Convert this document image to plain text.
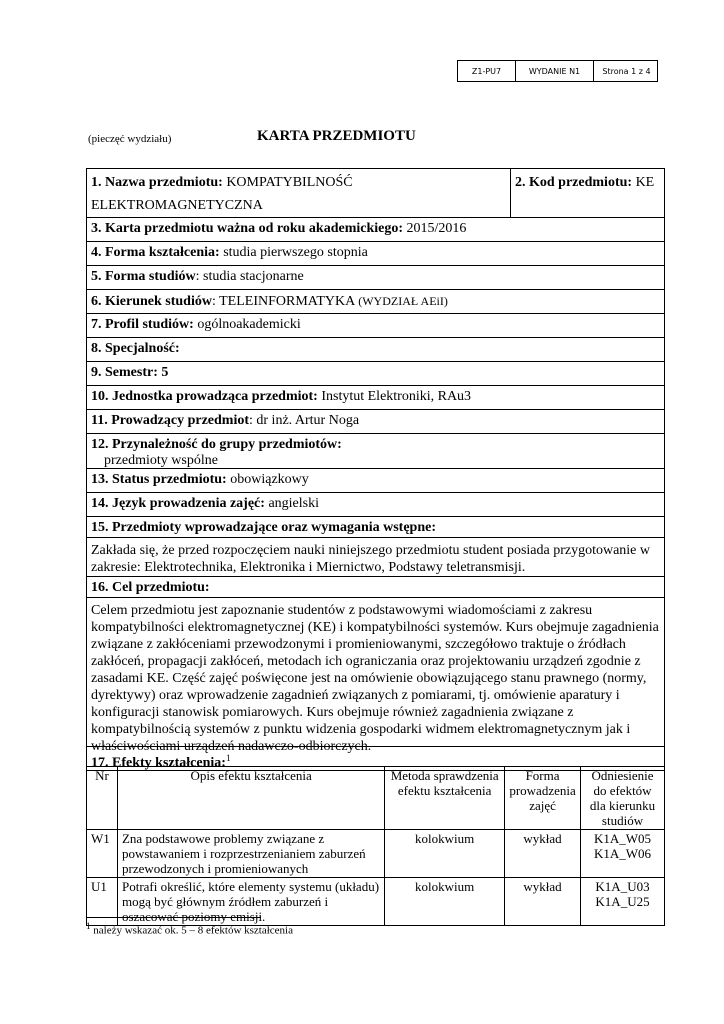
Z1-PU7	WYDANIE N1	Strona 1 z 4
(pieczęć wydziału)	KARTA PRZEDMIOTU
1. Nazwa przedmiotu: KOMPATYBILNOŚĆ
ELEKTROMAGNETYCZNA
2. Kod przedmiotu: KE
3. Karta przedmiotu ważna od roku akademickiego: 2015/2016
4. Forma kształcenia: studia pierwszego stopnia
5. Forma studiów: studia stacjonarne
6. Kierunek studiów: TELEINFORMATYKA (WYDZIAŁ AEiI)
7. Profil studiów: ogólnoakademicki
8. Specjalność:
9. Semestr: 5
10. Jednostka prowadząca przedmiot: Instytut Elektroniki, RAu3
11. Prowadzący przedmiot: dr inż. Artur Noga
12. Przynależność do grupy przedmiotów:
przedmioty wspólne
13. Status przedmiotu: obowiązkowy
14. Język prowadzenia zajęć: angielski
15. Przedmioty wprowadzające oraz wymagania wstępne:
Zakłada się, że przed rozpoczęciem nauki niniejszego przedmiotu student posiada przygotowanie w zakresie: Elektrotechnika, Elektronika i Miernictwo, Podstawy teletransmisji.
16. Cel przedmiotu:
Celem przedmiotu jest zapoznanie studentów z podstawowymi wiadomościami z zakresu kompatybilności elektromagnetycznej (KE) i kompatybilności systemów. Kurs obejmuje zagadnienia związane z zakłóceniami przewodzonymi i promieniowanymi, szczegółowo traktuje o źródłach zakłóceń, propagacji zakłóceń, metodach ich ograniczania oraz projektowaniu urządzeń zgodnie z zasadami KE. Część zajęć poświęcone jest na omówienie obowiązującego stanu prawnego (normy, dyrektywy) oraz wprowadzenie zagadnień związanych z pomiarami, tj. omówienie aparatury i konfiguracji stanowisk pomiarowych. Kurs obejmuje również zagadnienia związane z kompatybilnością systemów z punktu widzenia gospodarki widmem elektromagnetycznym jak i właściwościami urządzeń nadawczo-odbiorczych.
17. Efekty kształcenia:$^1$
Nr	Opis efektu kształcenia	Metoda sprawdzenia efektu kształcenia	Forma prowadzenia zajęć	Odniesienie do efektów dla kierunku studiów
W1	Zna podstawowe problemy związane z powstawaniem i rozprzestrzenianiem zaburzeń przewodzonych i promieniowanych	kolokwium	wykład	K1A_W05
K1A_W06
U1	Potrafi określić, które elementy systemu (układu) mogą być głównym źródłem zaburzeń i oszacować poziomy emisji.	kolokwium	wykład	K1A_U03
K1A_U25
$^1$ należy wskazać ok. 5 – 8 efektów kształcenia
